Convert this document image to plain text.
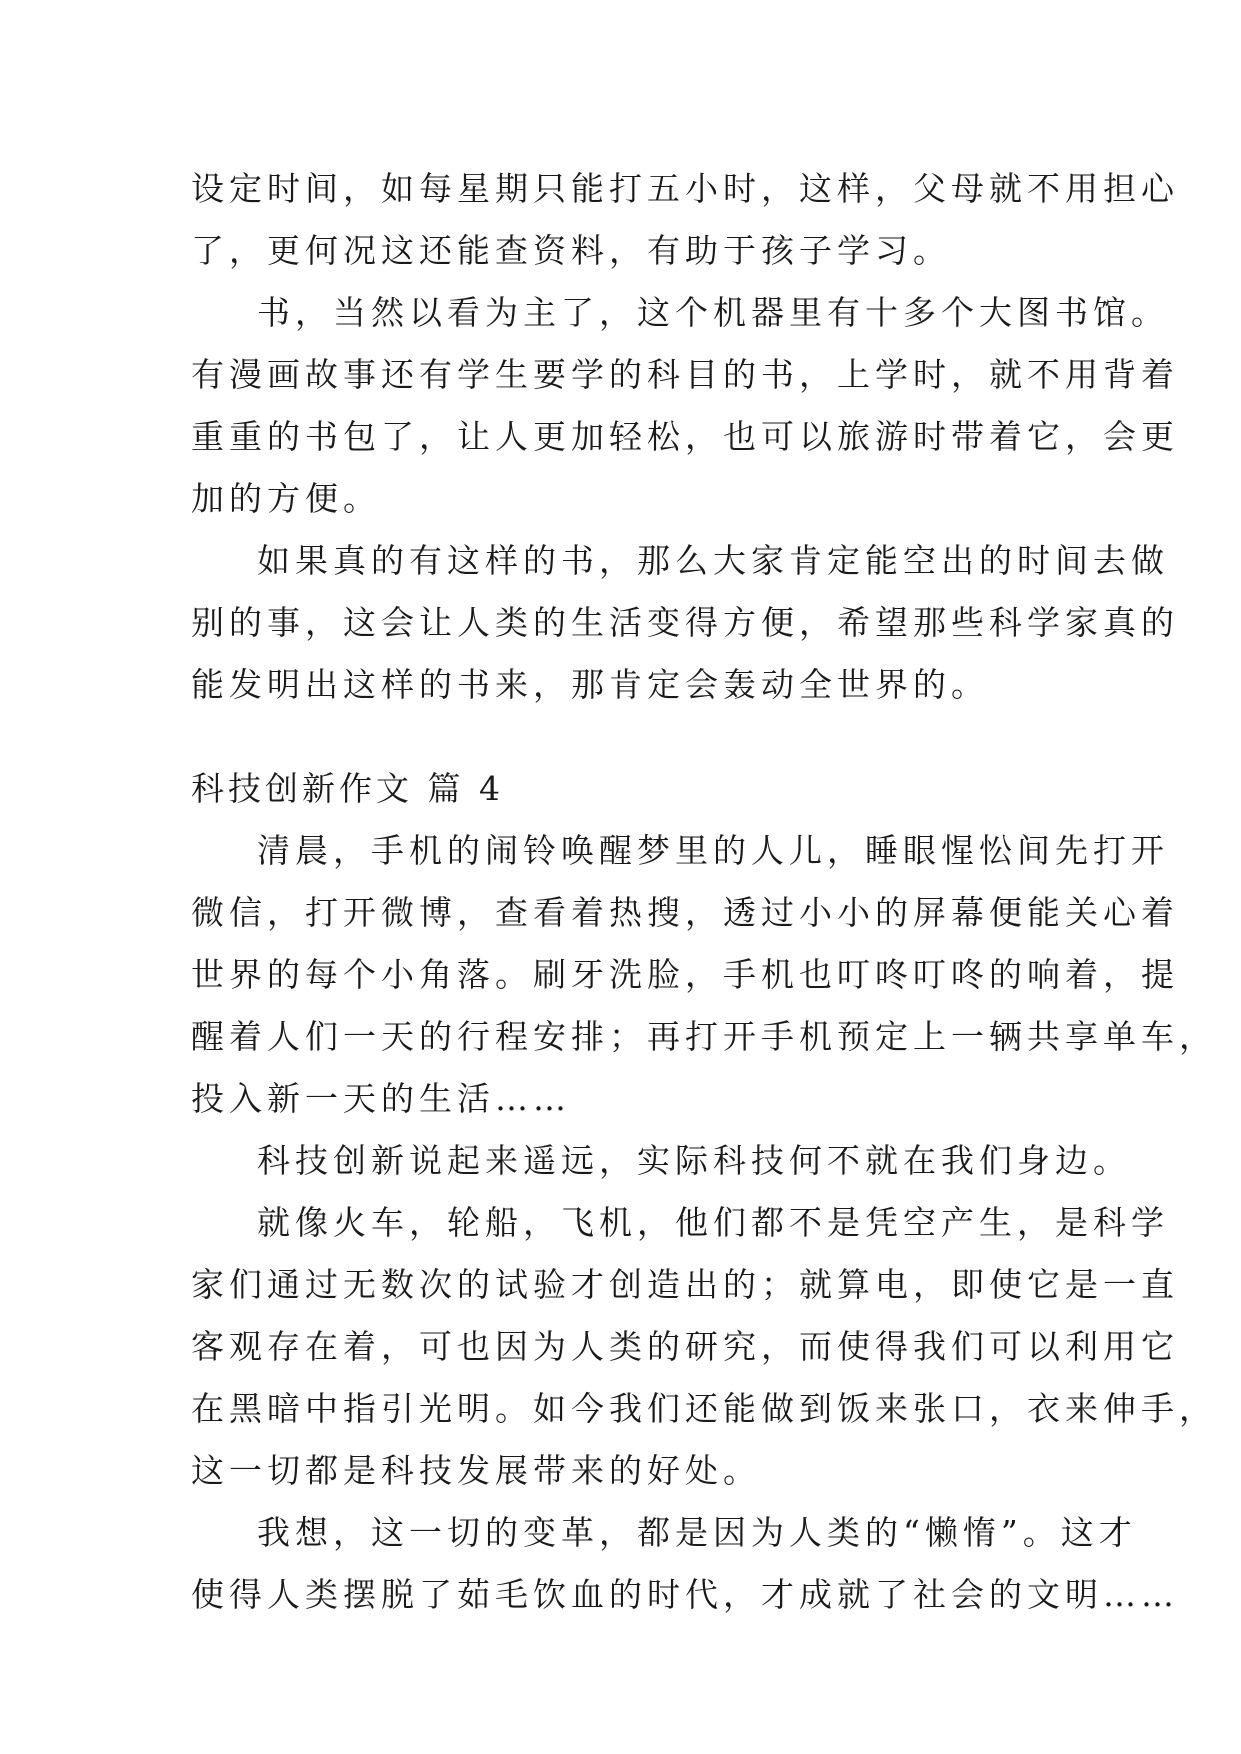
设定时间，如每星期只能打五小时，这样，父母就不用担心
了，更何况这还能查资料，有助于孩子学习。
书，当然以看为主了，这个机器里有十多个大图书馆。
有漫画故事还有学生要学的科目的书，上学时，就不用背着
重重的书包了，让人更加轻松，也可以旅游时带着它，会更
加的方便。
如果真的有这样的书，那么大家肯定能空出的时间去做
别的事，这会让人类的生活变得方便，希望那些科学家真的
能发明出这样的书来，那肯定会轰动全世界的。
科技创新作文 篇 4
清晨，手机的闹铃唤醒梦里的人儿，睡眼惺忪间先打开
微信，打开微博，查看着热搜，透过小小的屏幕便能关心着
世界的每个小角落。刷牙洗脸，手机也叮咚叮咚的响着，提
醒着人们一天的行程安排；再打开手机预定上一辆共享单车，
投入新一天的生活……
科技创新说起来遥远，实际科技何不就在我们身边。
就像火车，轮船，飞机，他们都不是凭空产生，是科学
家们通过无数次的试验才创造出的；就算电，即使它是一直
客观存在着，可也因为人类的研究，而使得我们可以利用它
在黑暗中指引光明。如今我们还能做到饭来张口，衣来伸手，
这一切都是科技发展带来的好处。
我想，这一切的变革，都是因为人类的“懒惰”。这才
使得人类摆脱了茹毛饮血的时代，才成就了社会的文明……
